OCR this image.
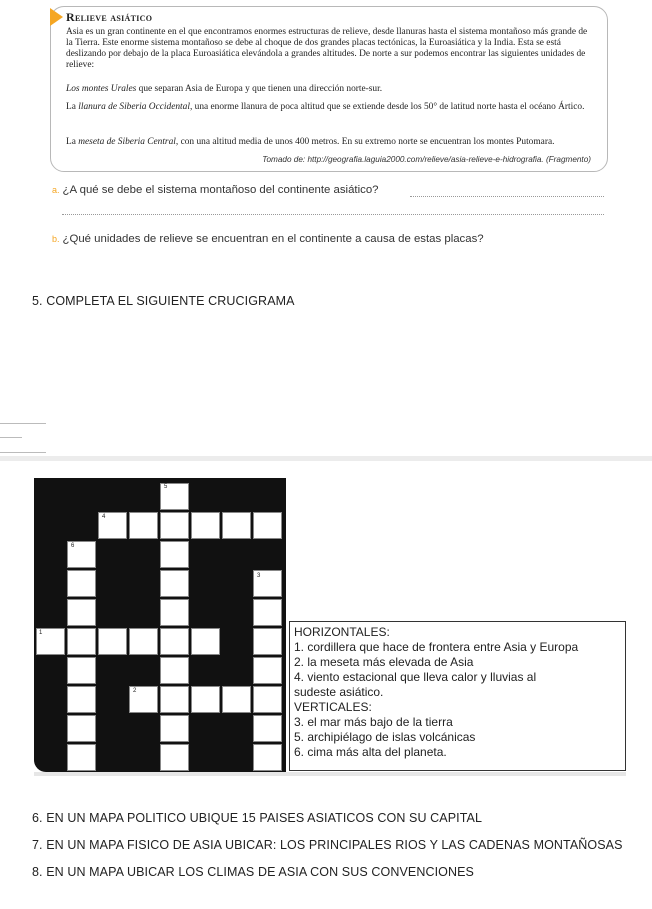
Relieve asiático

Asia es un gran continente en el que encontramos enormes estructuras de relieve, desde llanuras hasta el sistema montañoso más grande de la Tierra. Este enorme sistema montañoso se debe al choque de dos grandes placas tectónicas, la Euroasiática y la India. Esta se está deslizando por debajo de la placa Euroasiática elevándola a grandes altitudes. De norte a sur podemos encontrar las siguientes unidades de relieve:

Los montes Urales que separan Asia de Europa y que tienen una dirección norte-sur.

La llanura de Siberia Occidental, una enorme llanura de poca altitud que se extiende desde los 50° de latitud norte hasta el océano Ártico.

La meseta de Siberia Central, con una altitud media de unos 400 metros. En su extremo norte se encuentran los montes Putomara.

Tomado de: http://geografia.laguia2000.com/relieve/asia-relieve-e-hidrografia. (Fragmento)
a. ¿A qué se debe el sistema montañoso del continente asiático?
b. ¿Qué unidades de relieve se encuentran en el continente a causa de estas placas?
5. COMPLETA EL SIGUIENTE CRUCIGRAMA
5
4
6
3
1
2
HORIZONTALES:
1. cordillera que hace de frontera entre Asia y Europa
2. la meseta más elevada de Asia
4. viento estacional que lleva calor y lluvias al
sudeste asiático.
VERTICALES:
3. el mar más bajo de la tierra
5. archipiélago de islas volcánicas
6. cima más alta del planeta.
6. EN UN MAPA POLITICO UBIQUE 15 PAISES ASIATICOS CON SU CAPITAL
7. EN UN MAPA FISICO DE ASIA UBICAR: LOS PRINCIPALES RIOS Y LAS CADENAS MONTAÑOSAS
8. EN UN MAPA UBICAR LOS CLIMAS DE ASIA CON SUS CONVENCIONES
